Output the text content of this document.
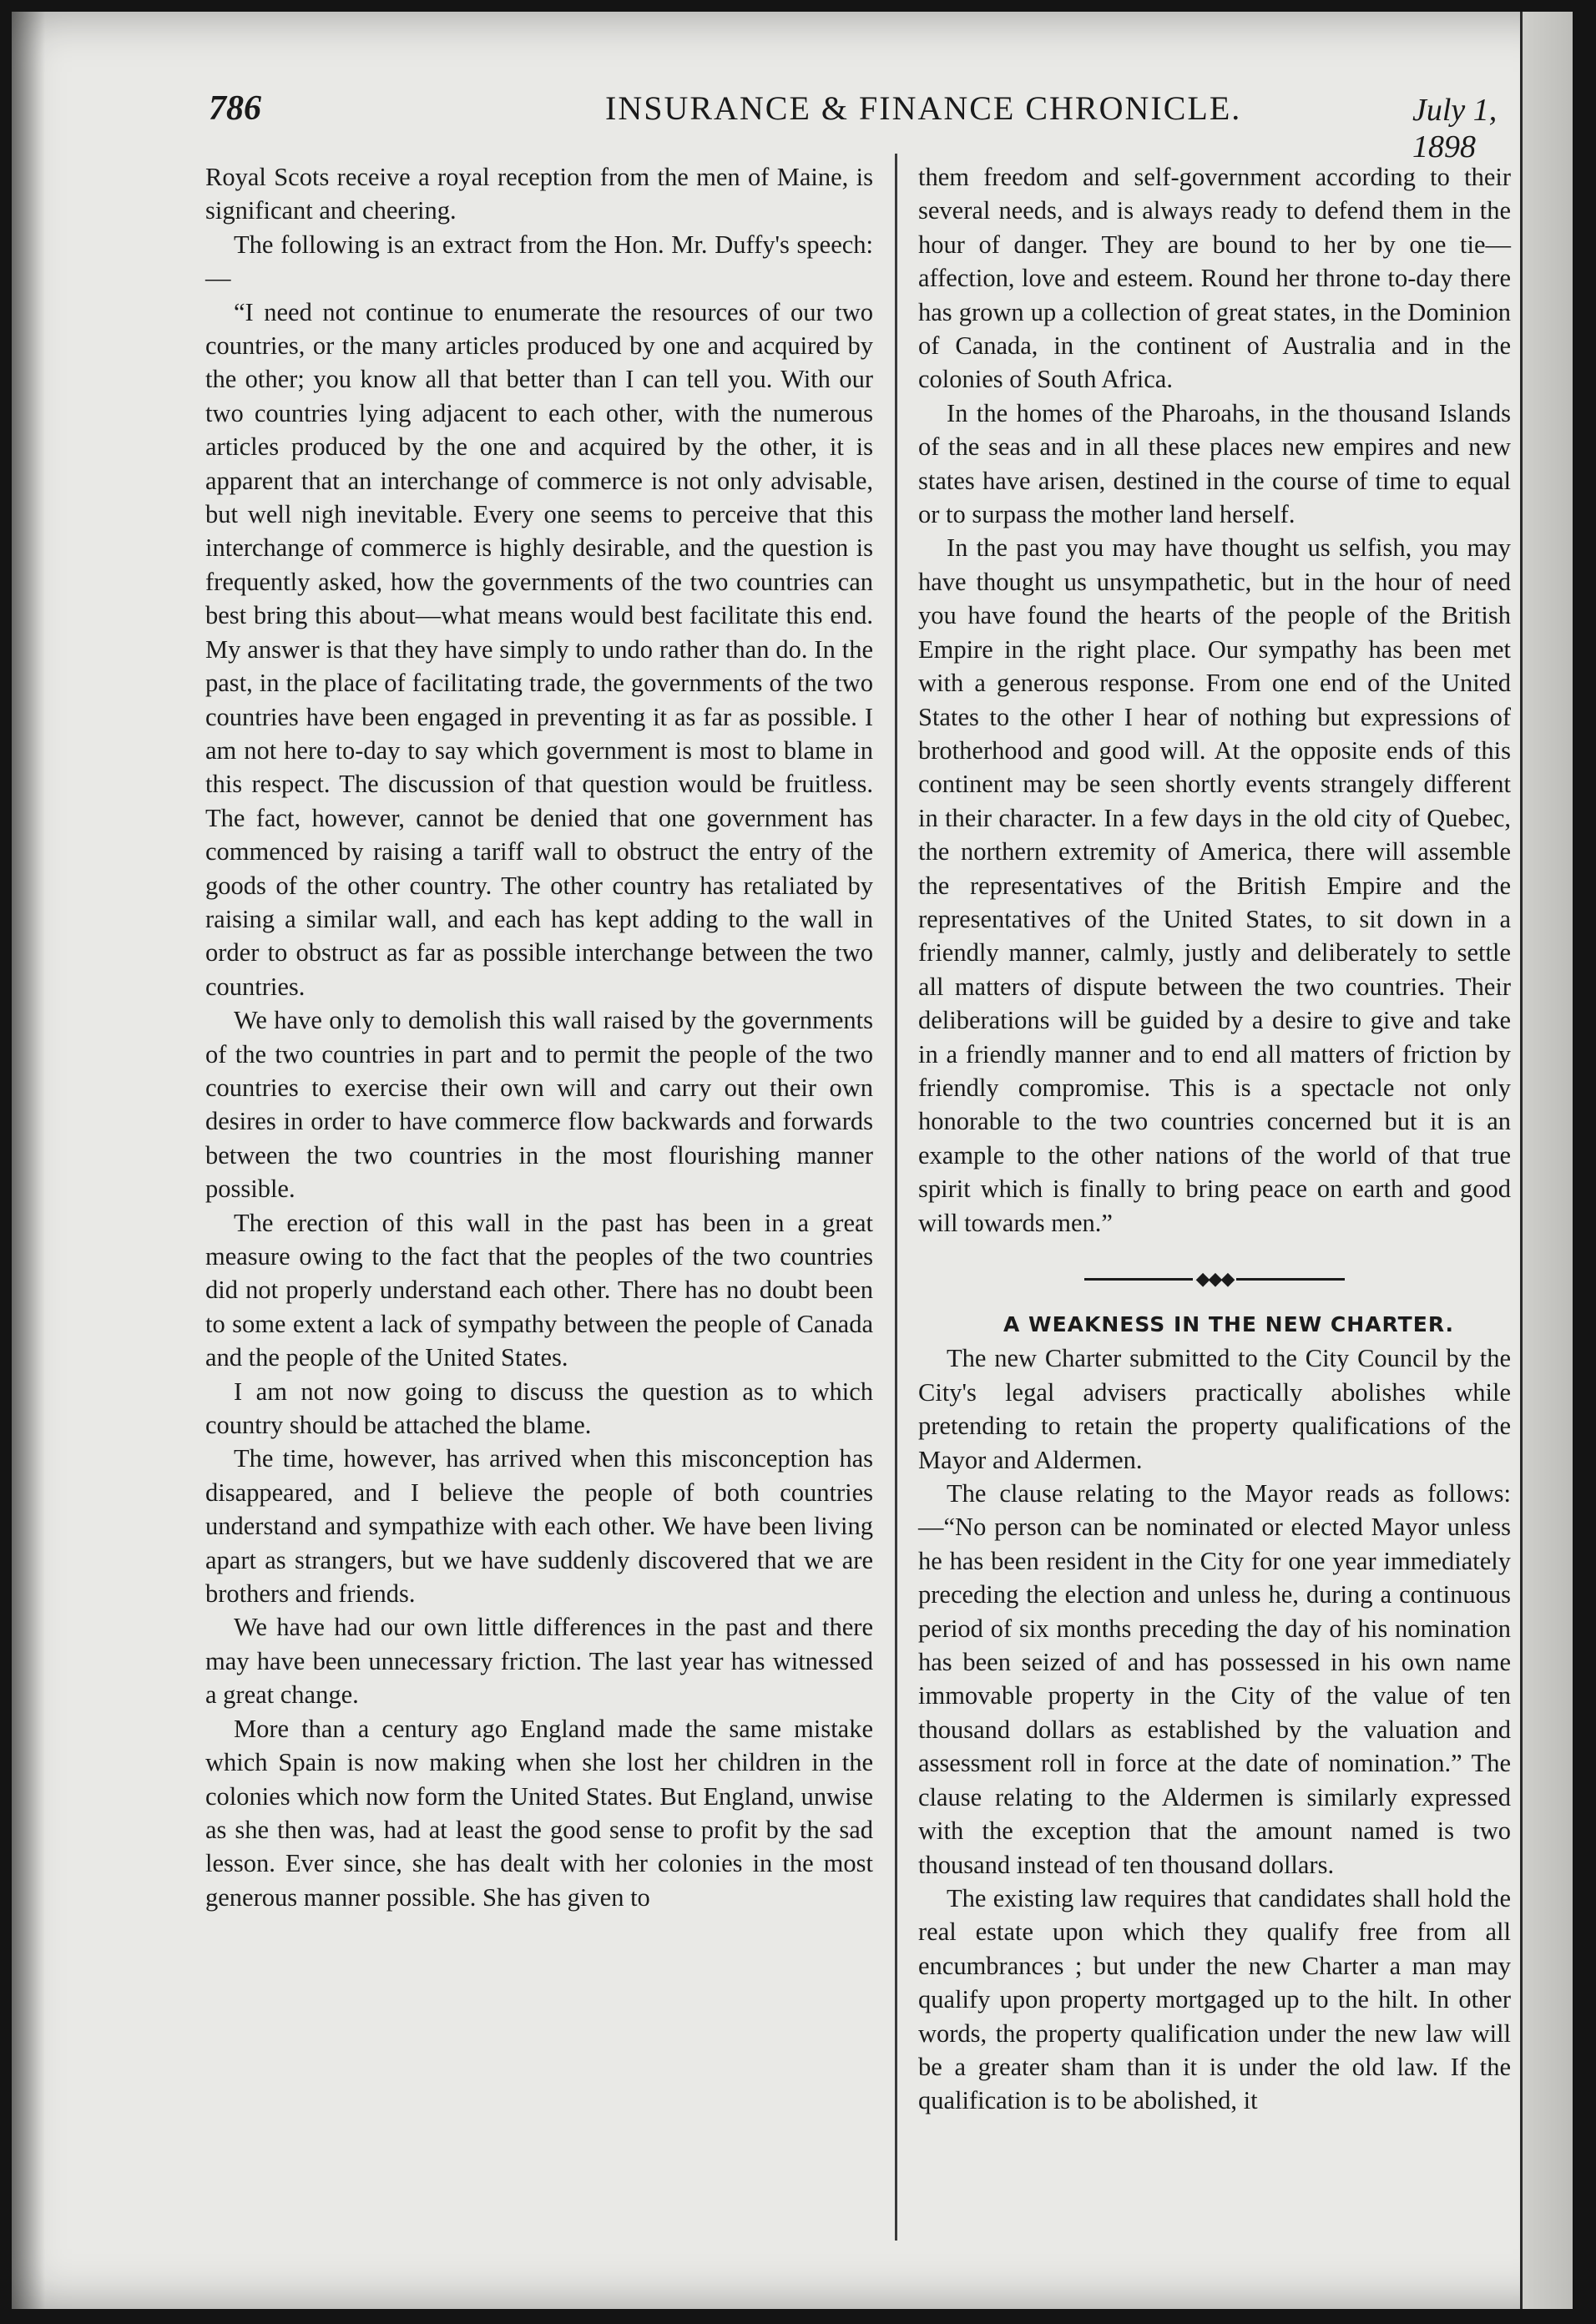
786	INSURANCE & FINANCE CHRONICLE.	July 1, 1898

Royal Scots receive a royal reception from the men of Maine, is significant and cheering.

The following is an extract from the Hon. Mr. Duffy's speech:—

“I need not continue to enumerate the resources of our two countries, or the many articles produced by one and acquired by the other; you know all that better than I can tell you. With our two countries lying adjacent to each other, with the numerous articles produced by the one and acquired by the other, it is apparent that an interchange of commerce is not only advisable, but well nigh inevitable. Every one seems to perceive that this interchange of commerce is highly desirable, and the question is frequently asked, how the governments of the two countries can best bring this about—what means would best facilitate this end. My answer is that they have simply to undo rather than do. In the past, in the place of facilitating trade, the governments of the two countries have been engaged in preventing it as far as possible. I am not here to-day to say which government is most to blame in this respect. The discussion of that question would be fruitless. The fact, however, cannot be denied that one government has commenced by raising a tariff wall to obstruct the entry of the goods of the other country. The other country has retaliated by raising a similar wall, and each has kept adding to the wall in order to obstruct as far as possible interchange between the two countries.

We have only to demolish this wall raised by the governments of the two countries in part and to permit the people of the two countries to exercise their own will and carry out their own desires in order to have commerce flow backwards and forwards between the two countries in the most flourishing manner possible.

The erection of this wall in the past has been in a great measure owing to the fact that the peoples of the two countries did not properly understand each other. There has no doubt been to some extent a lack of sympathy between the people of Canada and the people of the United States.

I am not now going to discuss the question as to which country should be attached the blame.

The time, however, has arrived when this misconception has disappeared, and I believe the people of both countries understand and sympathize with each other. We have been living apart as strangers, but we have suddenly discovered that we are brothers and friends.

We have had our own little differences in the past and there may have been unnecessary friction. The last year has witnessed a great change.

More than a century ago England made the same mistake which Spain is now making when she lost her children in the colonies which now form the United States. But England, unwise as she then was, had at least the good sense to profit by the sad lesson. Ever since, she has dealt with her colonies in the most generous manner possible. She has given to

them freedom and self-government according to their several needs, and is always ready to defend them in the hour of danger. They are bound to her by one tie—affection, love and esteem. Round her throne to-day there has grown up a collection of great states, in the Dominion of Canada, in the continent of Australia and in the colonies of South Africa.

In the homes of the Pharoahs, in the thousand Islands of the seas and in all these places new empires and new states have arisen, destined in the course of time to equal or to surpass the mother land herself.

In the past you may have thought us selfish, you may have thought us unsympathetic, but in the hour of need you have found the hearts of the people of the British Empire in the right place. Our sympathy has been met with a generous response. From one end of the United States to the other I hear of nothing but expressions of brotherhood and good will. At the opposite ends of this continent may be seen shortly events strangely different in their character. In a few days in the old city of Quebec, the northern extremity of America, there will assemble the representatives of the British Empire and the representatives of the United States, to sit down in a friendly manner, calmly, justly and deliberately to settle all matters of dispute between the two countries. Their deliberations will be guided by a desire to give and take in a friendly manner and to end all matters of friction by friendly compromise. This is a spectacle not only honorable to the two countries concerned but it is an example to the other nations of the world of that true spirit which is finally to bring peace on earth and good will towards men.”

◆◆◆

A WEAKNESS IN THE NEW CHARTER.

The new Charter submitted to the City Council by the City's legal advisers practically abolishes while pretending to retain the property qualifications of the Mayor and Aldermen.

The clause relating to the Mayor reads as follows:—“No person can be nominated or elected Mayor unless he has been resident in the City for one year immediately preceding the election and unless he, during a continuous period of six months preceding the day of his nomination has been seized of and has possessed in his own name immovable property in the City of the value of ten thousand dollars as established by the valuation and assessment roll in force at the date of nomination.” The clause relating to the Aldermen is similarly expressed with the exception that the amount named is two thousand instead of ten thousand dollars.

The existing law requires that candidates shall hold the real estate upon which they qualify free from all encumbrances ; but under the new Charter a man may qualify upon property mortgaged up to the hilt. In other words, the property qualification under the new law will be a greater sham than it is under the old law. If the qualification is to be abolished, it
